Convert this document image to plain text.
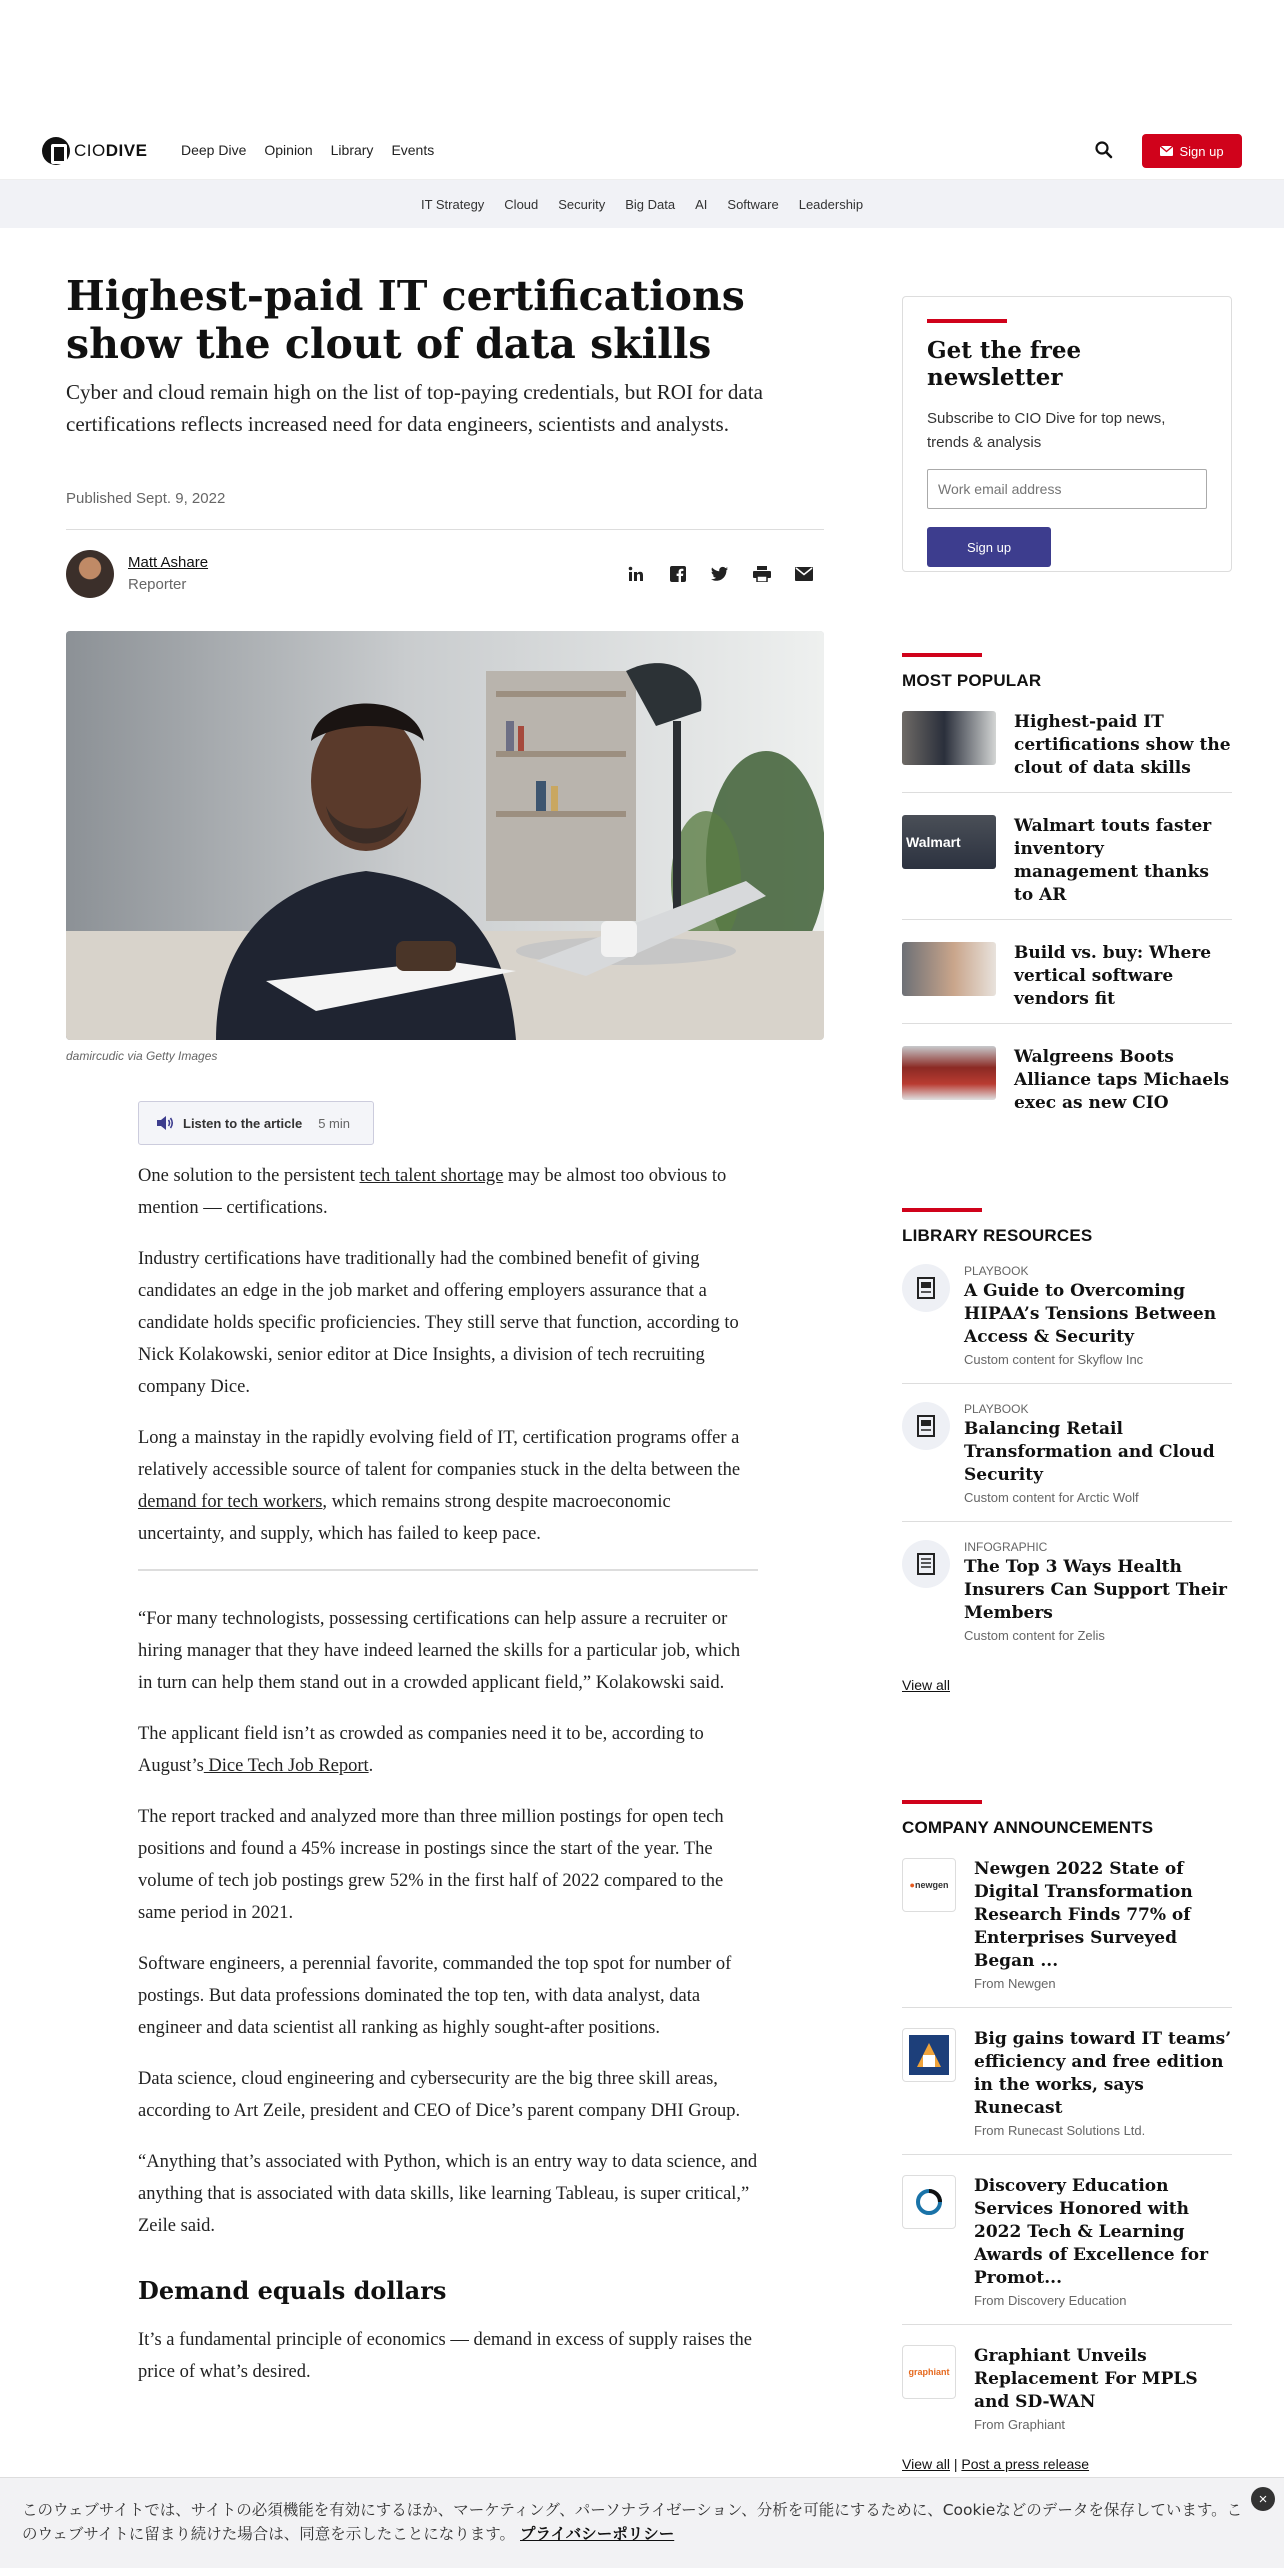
CIODIVE Deep Dive Opinion Library Events	Sign up
IT Strategy Cloud Security Big Data AI Software Leadership
Highest-paid IT certifications show the clout of data skills

Cyber and cloud remain high on the list of top-paying credentials, but ROI for data certifications reflects increased need for data engineers, scientists and analysts.

Published Sept. 9, 2022
Matt Ashare
Reporter
damircudic via Getty Images
Listen to the article 5 min

One solution to the persistent tech talent shortage may be almost too obvious to mention — certifications.

Industry certifications have traditionally had the combined benefit of giving candidates an edge in the job market and offering employers assurance that a candidate holds specific proficiencies. They still serve that function, according to Nick Kolakowski, senior editor at Dice Insights, a division of tech recruiting company Dice.

Long a mainstay in the rapidly evolving field of IT, certification programs offer a relatively accessible source of talent for companies stuck in the delta between the demand for tech workers, which remains strong despite macroeconomic uncertainty, and supply, which has failed to keep pace.

“For many technologists, possessing certifications can help assure a recruiter or hiring manager that they have indeed learned the skills for a particular job, which in turn can help them stand out in a crowded applicant field,” Kolakowski said.

The applicant field isn’t as crowded as companies need it to be, according to August’s Dice Tech Job Report.

The report tracked and analyzed more than three million postings for open tech positions and found a 45% increase in postings since the start of the year. The volume of tech job postings grew 52% in the first half of 2022 compared to the same period in 2021.

Software engineers, a perennial favorite, commanded the top spot for number of postings. But data professions dominated the top ten, with data analyst, data engineer and data scientist all ranking as highly sought-after positions.

Data science, cloud engineering and cybersecurity are the big three skill areas, according to Art Zeile, president and CEO of Dice’s parent company DHI Group.

“Anything that’s associated with Python, which is an entry way to data science, and anything that is associated with data skills, like learning Tableau, is super critical,” Zeile said.

Demand equals dollars

It’s a fundamental principle of economics — demand in excess of supply raises the price of what’s desired.

Get the free newsletter
Subscribe to CIO Dive for top news, trends & analysis
Work email address
Sign up
MOST POPULAR
Highest-paid IT certifications show the clout of data skills
Walmart
Walmart touts faster inventory management thanks to AR
Build vs. buy: Where vertical software vendors fit
Walgreens Boots Alliance taps Michaels exec as new CIO
LIBRARY RESOURCES
PLAYBOOK
A Guide to Overcoming HIPAA’s Tensions Between Access & Security
Custom content for Skyflow Inc
PLAYBOOK
Balancing Retail Transformation and Cloud Security
Custom content for Arctic Wolf
INFOGRAPHIC
The Top 3 Ways Health Insurers Can Support Their Members
Custom content for Zelis
View all
COMPANY ANNOUNCEMENTS
● newgen
Newgen 2022 State of Digital Transformation Research Finds 77% of Enterprises Surveyed Began ...
From Newgen
Big gains toward IT teams’ efficiency and free edition in the works, says Runecast
From Runecast Solutions Ltd.
Discovery Education Services Honored with 2022 Tech & Learning Awards of Excellence for Promot...
From Discovery Education
graphiant
Graphiant Unveils Replacement For MPLS and SD-WAN
From Graphiant
View all | Post a press release
このウェブサイトでは、サイトの必須機能を有効にするほか、マーケティング、パーソナライゼーション、分析を可能にするために、Cookieなどのデータを保存しています。このウェブサイトに留まり続けた場合は、同意を示したことになります。 プライバシーポリシー
×
